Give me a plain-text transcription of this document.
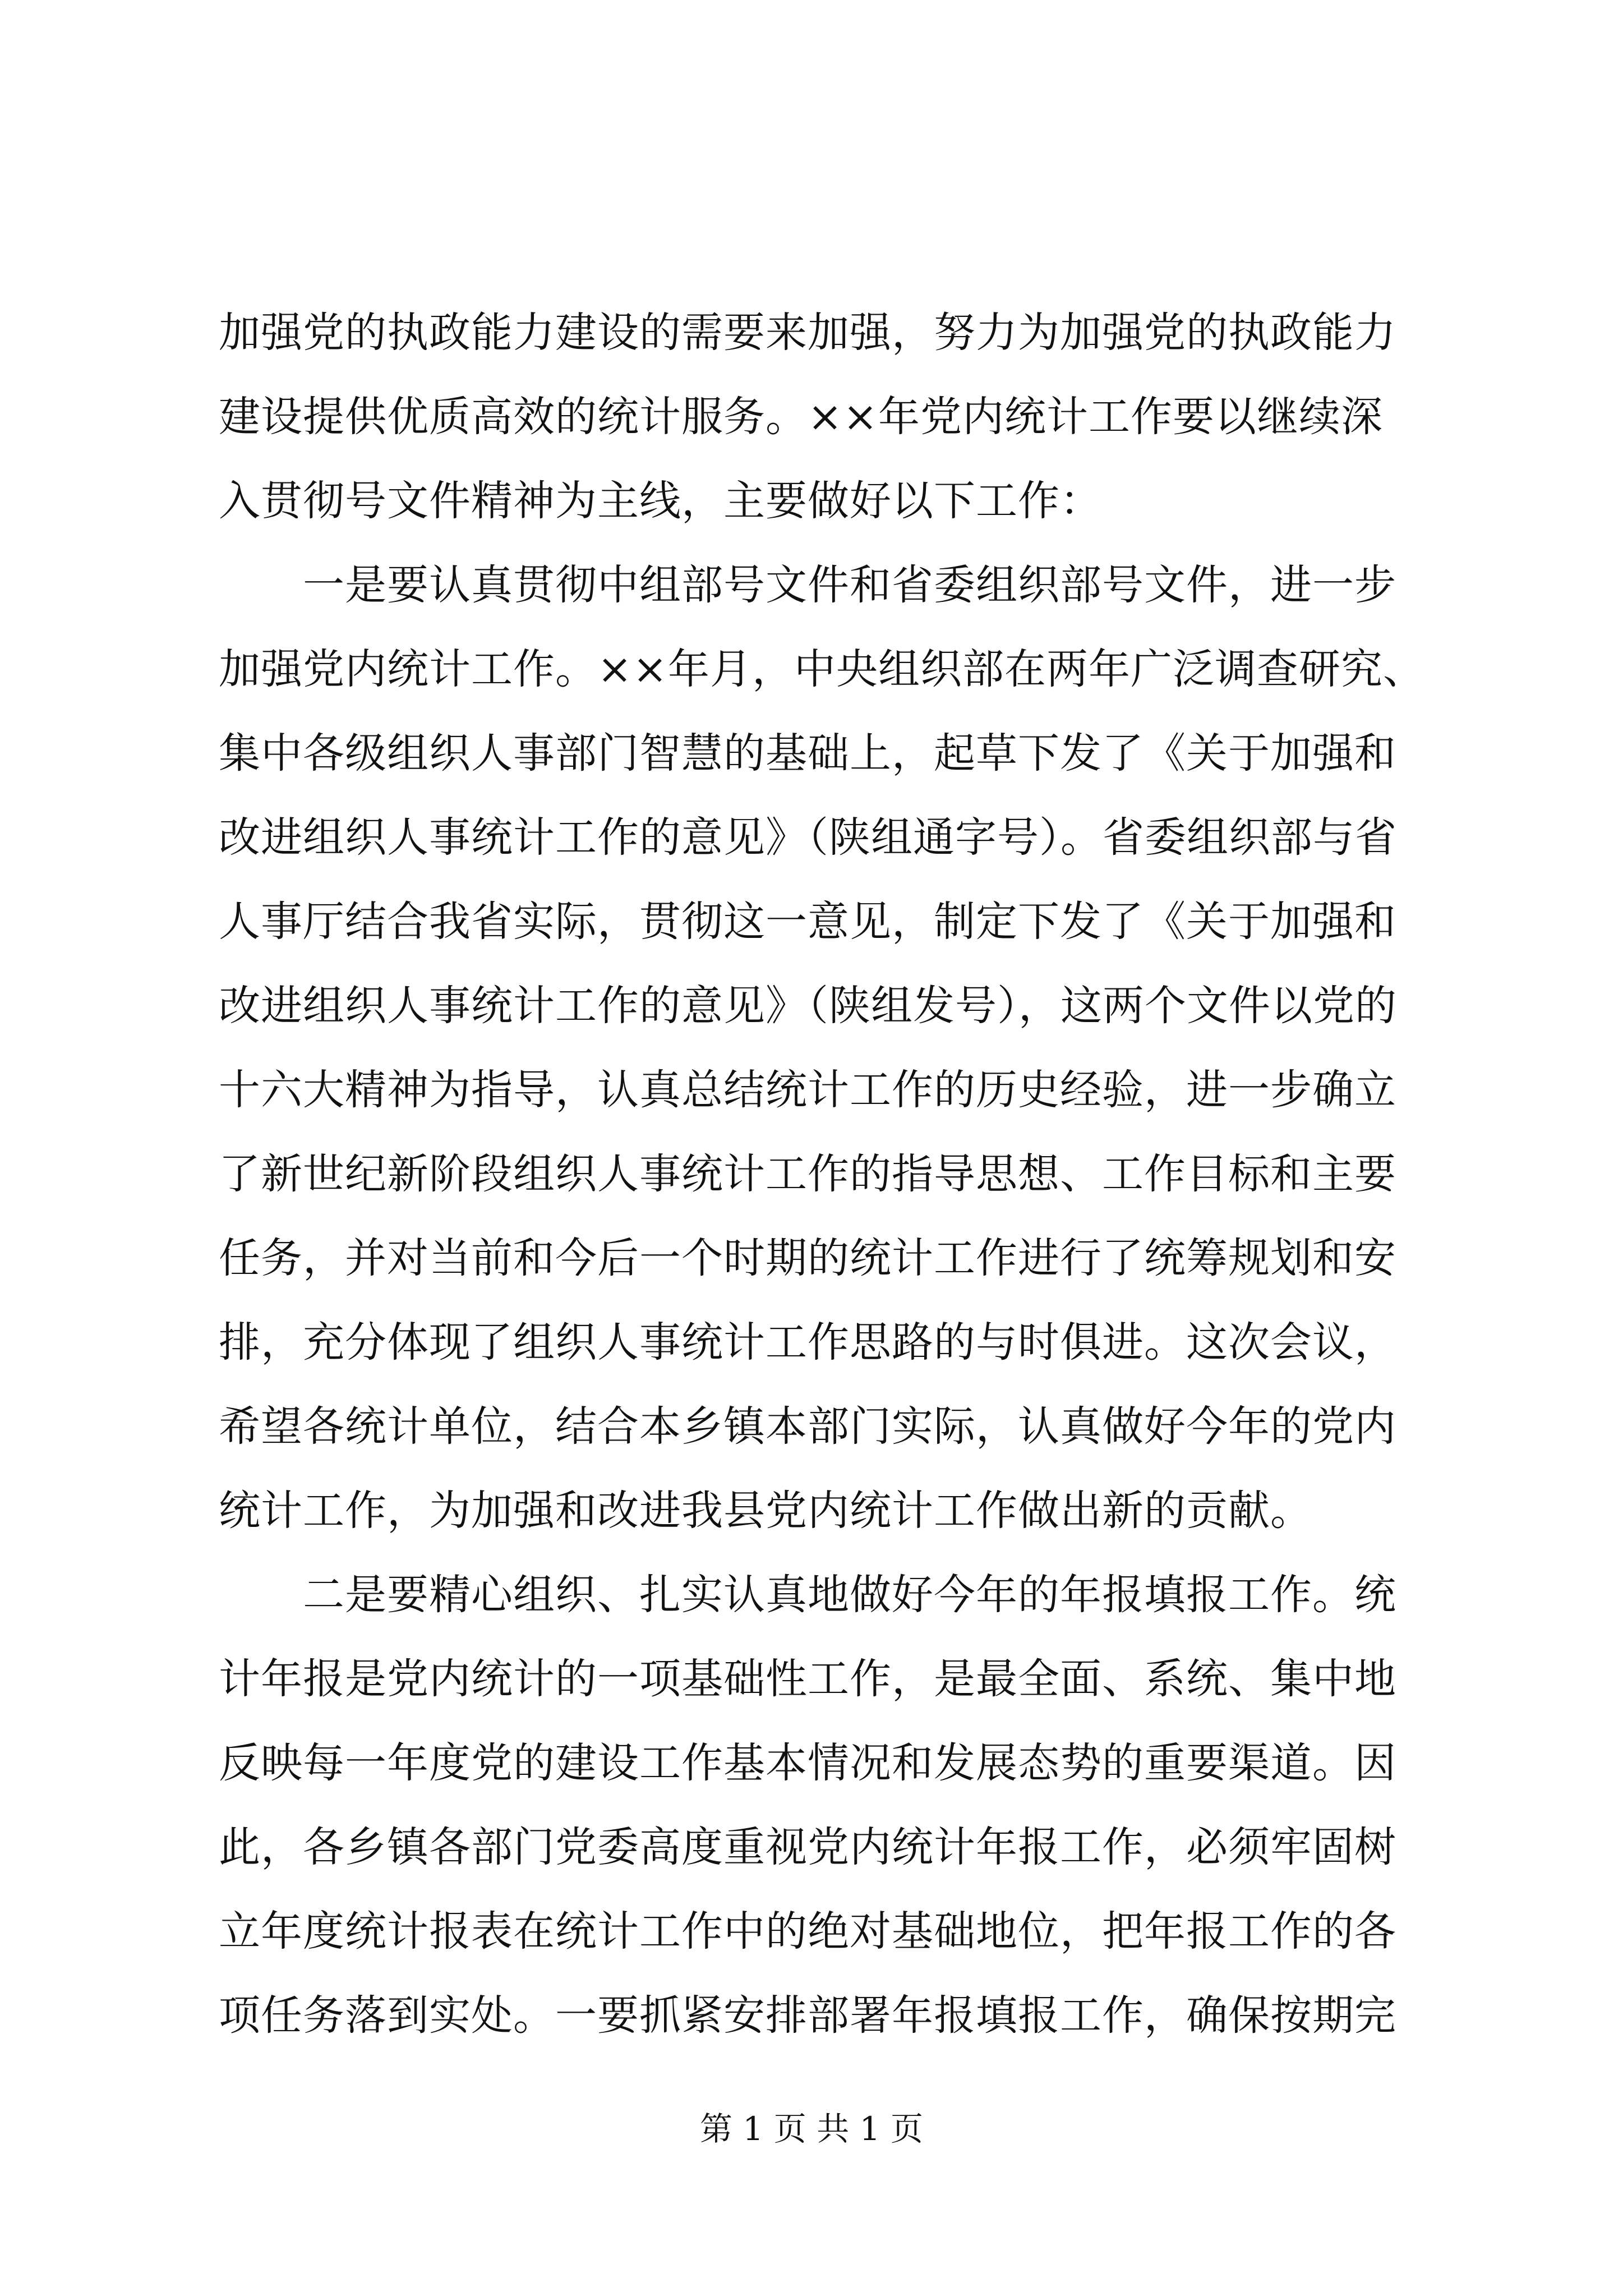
加强党的执政能力建设的需要来加强，努力为加强党的执政能力
建设提供优质高效的统计服务。××年党内统计工作要以继续深
入贯彻号文件精神为主线，主要做好以下工作：
　　一是要认真贯彻中组部号文件和省委组织部号文件，进一步
加强党内统计工作。××年月，中央组织部在两年广泛调查研究、
集中各级组织人事部门智慧的基础上，起草下发了《关于加强和
改进组织人事统计工作的意见》（陕组通字号）。省委组织部与省
人事厅结合我省实际，贯彻这一意见，制定下发了《关于加强和
改进组织人事统计工作的意见》（陕组发号），这两个文件以党的
十六大精神为指导，认真总结统计工作的历史经验，进一步确立
了新世纪新阶段组织人事统计工作的指导思想、工作目标和主要
任务，并对当前和今后一个时期的统计工作进行了统筹规划和安
排，充分体现了组织人事统计工作思路的与时俱进。这次会议，
希望各统计单位，结合本乡镇本部门实际，认真做好今年的党内
统计工作，为加强和改进我县党内统计工作做出新的贡献。
　　二是要精心组织、扎实认真地做好今年的年报填报工作。统
计年报是党内统计的一项基础性工作，是最全面、系统、集中地
反映每一年度党的建设工作基本情况和发展态势的重要渠道。因
此，各乡镇各部门党委高度重视党内统计年报工作，必须牢固树
立年度统计报表在统计工作中的绝对基础地位，把年报工作的各
项任务落到实处。一要抓紧安排部署年报填报工作，确保按期完
第 1 页 共 1 页
